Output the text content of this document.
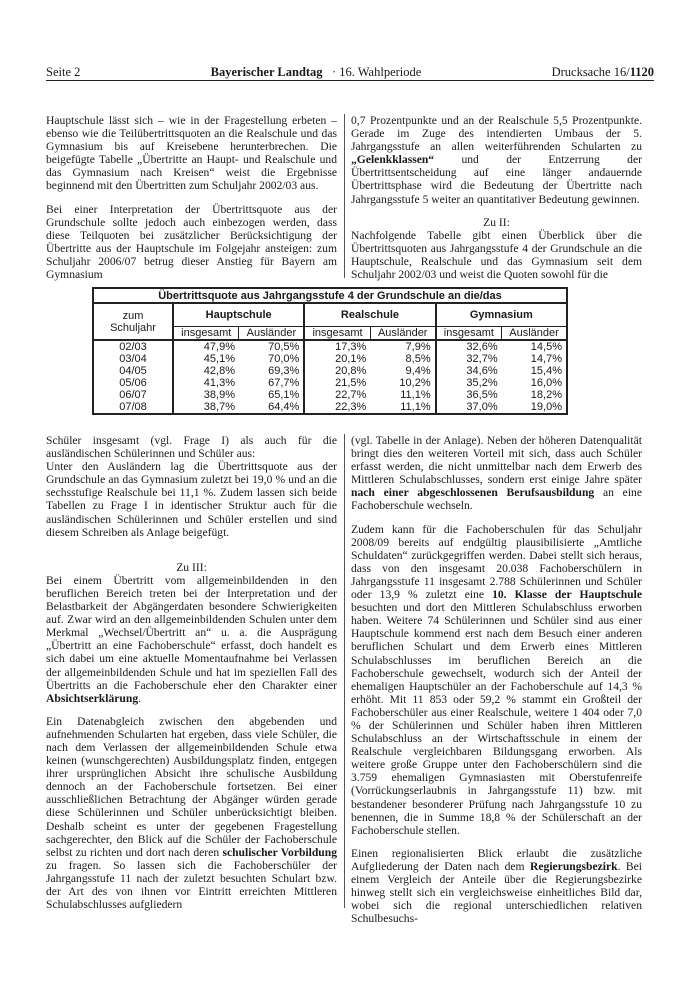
Seite 2	Bayerischer Landtag · 16. Wahlperiode	Drucksache 16/1120

Hauptschule lässt sich – wie in der Fragestellung erbeten – ebenso wie die Teilübertrittsquoten an die Realschule und das Gymnasium bis auf Kreisebene herunterbrechen. Die beigefügte Tabelle „Übertritte an Haupt- und Realschule und das Gymnasium nach Kreisen“ weist die Ergebnisse beginnend mit den Übertritten zum Schuljahr 2002/03 aus.

Bei einer Interpretation der Übertrittsquote aus der Grundschule sollte jedoch auch einbezogen werden, dass diese Teilquoten bei zusätzlicher Berücksichtigung der Übertritte aus der Hauptschule im Folgejahr ansteigen: zum Schuljahr 2006/07 betrug dieser Anstieg für Bayern am Gymnasium

0,7 Prozentpunkte und an der Realschule 5,5 Prozentpunkte. Gerade im Zuge des intendierten Umbaus der 5. Jahrgangsstufe an allen weiterführenden Schularten zu „Gelenkklassen“ und der Entzerrung der Übertrittsentscheidung auf eine länger andauernde Übertrittsphase wird die Bedeutung der Übertritte nach Jahrgangsstufe 5 weiter an quantitativer Bedeutung gewinnen.

Zu II:

Nachfolgende Tabelle gibt einen Überblick über die Übertrittsquoten aus Jahrgangsstufe 4 der Grundschule an die Hauptschule, Realschule und das Gymnasium seit dem Schuljahr 2002/03 und weist die Quoten sowohl für die

Übertrittsquote aus Jahrgangsstufe 4 der Grundschule an die/das						
zum
Schuljahr	Hauptschule		Realschule		Gymnasium	
	insgesamt	Ausländer	insgesamt	Ausländer	insgesamt	Ausländer
02/03	47,9%	70,5%	17,3%	7,9%	32,6%	14,5%
03/04	45,1%	70,0%	20,1%	8,5%	32,7%	14,7%
04/05	42,8%	69,3%	20,8%	9,4%	34,6%	15,4%
05/06	41,3%	67,7%	21,5%	10,2%	35,2%	16,0%
06/07	38,9%	65,1%	22,7%	11,1%	36,5%	18,2%
07/08	38,7%	64,4%	22,3%	11,1%	37,0%	19,0%

Schüler insgesamt (vgl. Frage I) als auch für die ausländischen Schülerinnen und Schüler aus:

Unter den Ausländern lag die Übertrittsquote aus der Grundschule an das Gymnasium zuletzt bei 19,0 % und an die sechsstufige Realschule bei 11,1 %. Zudem lassen sich beide Tabellen zu Frage I in identischer Struktur auch für die ausländischen Schülerinnen und Schüler erstellen und sind diesem Schreiben als Anlage beigefügt.

Zu III:

Bei einem Übertritt vom allgemeinbildenden in den beruflichen Bereich treten bei der Interpretation und der Belastbarkeit der Abgängerdaten besondere Schwierigkeiten auf. Zwar wird an den allgemeinbildenden Schulen unter dem Merkmal „Wechsel/Übertritt an“ u. a. die Ausprägung „Übertritt an eine Fachoberschule“ erfasst, doch handelt es sich dabei um eine aktuelle Momentaufnahme bei Verlassen der allgemeinbildenden Schule und hat im speziellen Fall des Übertritts an die Fachoberschule eher den Charakter einer Absichtserklärung.

Ein Datenabgleich zwischen den abgebenden und aufnehmenden Schularten hat ergeben, dass viele Schüler, die nach dem Verlassen der allgemeinbildenden Schule etwa keinen (wunschgerechten) Ausbildungsplatz finden, entgegen ihrer ursprünglichen Absicht ihre schulische Ausbildung dennoch an der Fachoberschule fortsetzen. Bei einer ausschließlichen Betrachtung der Abgänger würden gerade diese Schülerinnen und Schüler unberücksichtigt bleiben. Deshalb scheint es unter der gegebenen Fragestellung sachgerechter, den Blick auf die Schüler der Fachoberschule selbst zu richten und dort nach deren schulischer Vorbildung zu fragen. So lassen sich die Fachoberschüler der Jahrgangsstufe 11 nach der zuletzt besuchten Schulart bzw. der Art des von ihnen vor Eintritt erreichten Mittleren Schulabschlusses aufgliedern

(vgl. Tabelle in der Anlage). Neben der höheren Datenqualität bringt dies den weiteren Vorteil mit sich, dass auch Schüler erfasst werden, die nicht unmittelbar nach dem Erwerb des Mittleren Schulabschlusses, sondern erst einige Jahre später nach einer abgeschlossenen Berufsausbildung an eine Fachoberschule wechseln.

Zudem kann für die Fachoberschulen für das Schuljahr 2008/09 bereits auf endgültig plausibilisierte „Amtliche Schuldaten“ zurückgegriffen werden. Dabei stellt sich heraus, dass von den insgesamt 20.038 Fachoberschülern in Jahrgangsstufe 11 insgesamt 2.788 Schülerinnen und Schüler oder 13,9 % zuletzt eine 10. Klasse der Hauptschule besuchten und dort den Mittleren Schulabschluss erworben haben. Weitere 74 Schülerinnen und Schüler sind aus einer Hauptschule kommend erst nach dem Besuch einer anderen beruflichen Schulart und dem Erwerb eines Mittleren Schulabschlusses im beruflichen Bereich an die Fachoberschule gewechselt, wodurch sich der Anteil der ehemaligen Hauptschüler an der Fachoberschule auf 14,3 % erhöht. Mit 11 853 oder 59,2 % stammt ein Großteil der Fachoberschüler aus einer Realschule, weitere 1 404 oder 7,0 % der Schülerinnen und Schüler haben ihren Mittleren Schulabschluss an der Wirtschaftsschule in einem der Realschule vergleichbaren Bildungsgang erworben. Als weitere große Gruppe unter den Fachoberschülern sind die 3.759 ehemaligen Gymnasiasten mit Oberstufenreife (Vorrückungserlaubnis in Jahrgangsstufe 11) bzw. mit bestandener besonderer Prüfung nach Jahrgangsstufe 10 zu benennen, die in Summe 18,8 % der Schülerschaft an der Fachoberschule stellen.

Einen regionalisierten Blick erlaubt die zusätzliche Aufgliederung der Daten nach dem Regierungsbezirk. Bei einem Vergleich der Anteile über die Regierungsbezirke hinweg stellt sich ein vergleichsweise einheitliches Bild dar, wobei sich die regional unterschiedlichen relativen Schulbesuchs-
